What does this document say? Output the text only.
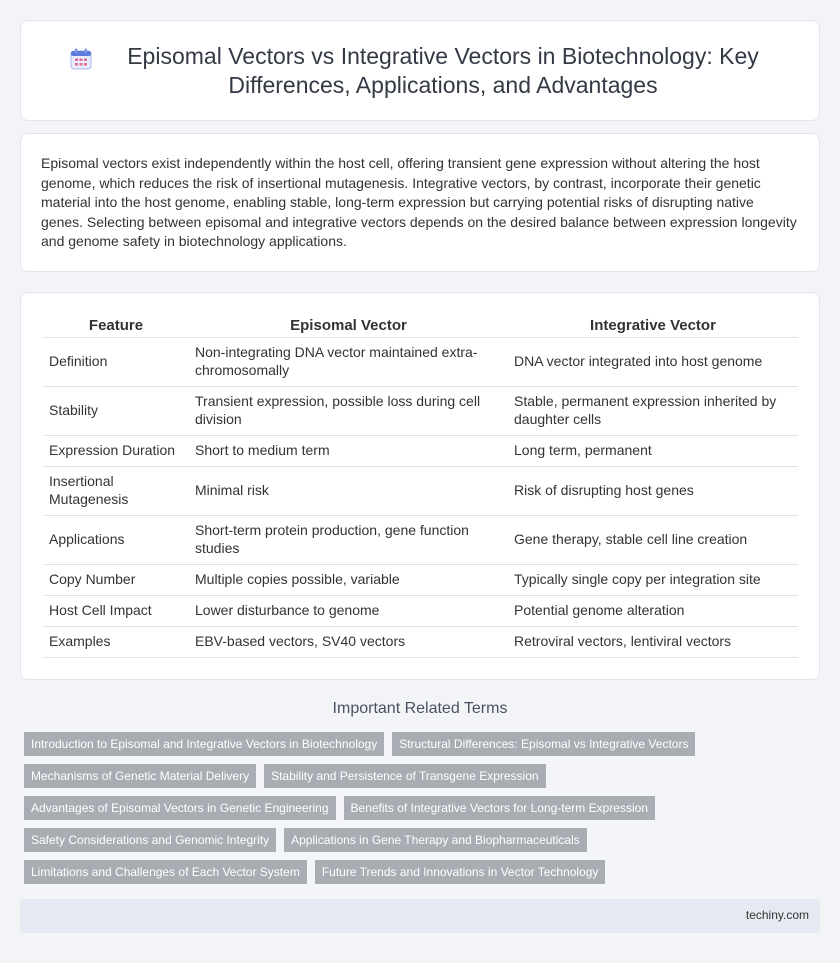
Episomal Vectors vs Integrative Vectors in Biotechnology: Key Differences, Applications, and Advantages

Episomal vectors exist independently within the host cell, offering transient gene expression without altering the host genome, which reduces the risk of insertional mutagenesis. Integrative vectors, by contrast, incorporate their genetic material into the host genome, enabling stable, long-term expression but carrying potential risks of disrupting native genes. Selecting between episomal and integrative vectors depends on the desired balance between expression longevity and genome safety in biotechnology applications.

Feature	Episomal Vector	Integrative Vector
Definition	Non-integrating DNA vector maintained extra-chromosomally	DNA vector integrated into host genome
Stability	Transient expression, possible loss during cell division	Stable, permanent expression inherited by daughter cells
Expression Duration	Short to medium term	Long term, permanent
Insertional Mutagenesis	Minimal risk	Risk of disrupting host genes
Applications	Short-term protein production, gene function studies	Gene therapy, stable cell line creation
Copy Number	Multiple copies possible, variable	Typically single copy per integration site
Host Cell Impact	Lower disturbance to genome	Potential genome alteration
Examples	EBV-based vectors, SV40 vectors	Retroviral vectors, lentiviral vectors
Important Related Terms
Introduction to Episomal and Integrative Vectors in Biotechnology	Structural Differences: Episomal vs Integrative Vectors
Mechanisms of Genetic Material Delivery	Stability and Persistence of Transgene Expression
Advantages of Episomal Vectors in Genetic Engineering	Benefits of Integrative Vectors for Long-term Expression
Safety Considerations and Genomic Integrity	Applications in Gene Therapy and Biopharmaceuticals
Limitations and Challenges of Each Vector System	Future Trends and Innovations in Vector Technology
techiny.com
